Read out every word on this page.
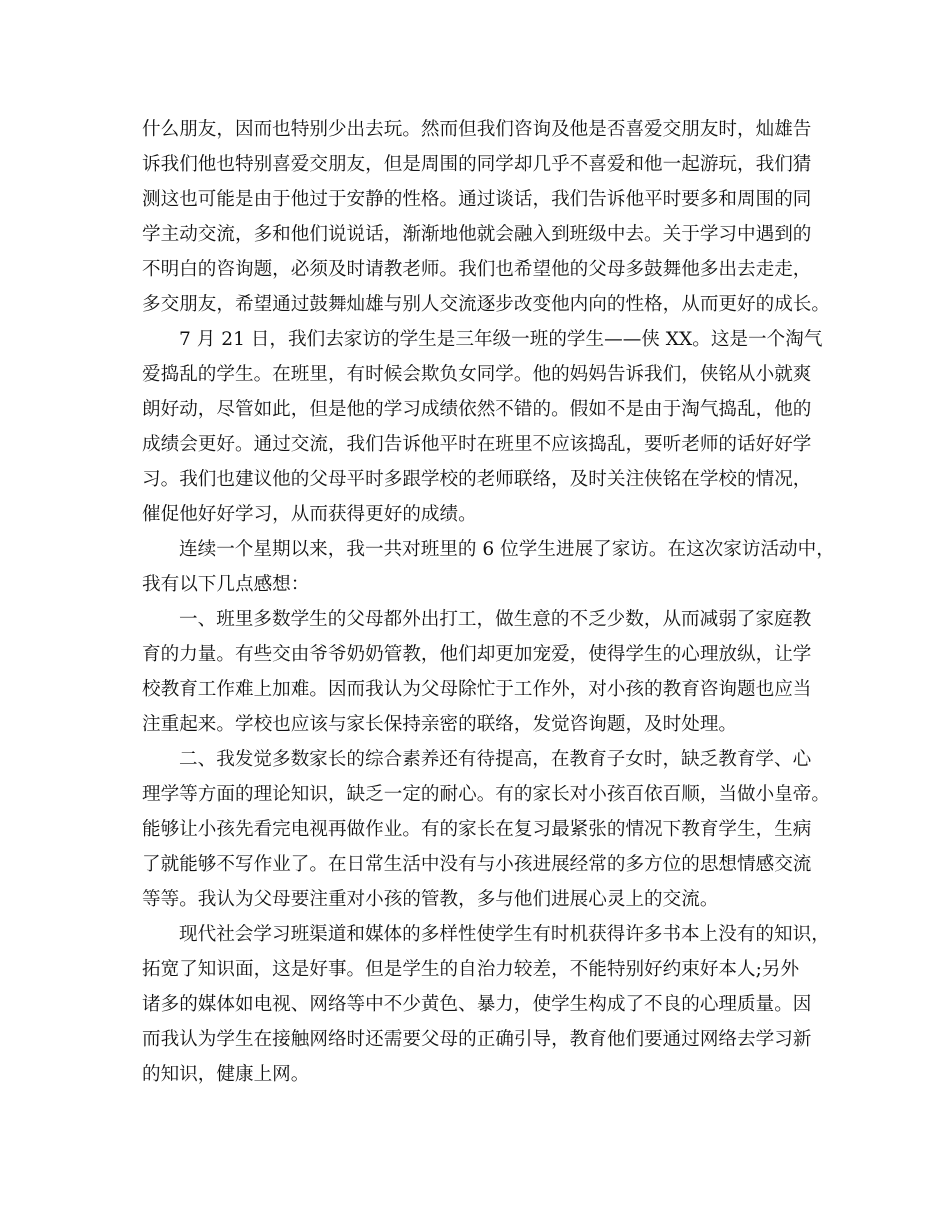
什么朋友，因而也特别少出去玩。然而但我们咨询及他是否喜爱交朋友时，灿雄告
诉我们他也特别喜爱交朋友，但是周围的同学却几乎不喜爱和他一起游玩，我们猜
测这也可能是由于他过于安静的性格。通过谈话，我们告诉他平时要多和周围的同
学主动交流，多和他们说说话，渐渐地他就会融入到班级中去。关于学习中遇到的
不明白的咨询题，必须及时请教老师。我们也希望他的父母多鼓舞他多出去走走，
多交朋友，希望通过鼓舞灿雄与别人交流逐步改变他内向的性格，从而更好的成长。
7 月 21 日，我们去家访的学生是三年级一班的学生——侠 XX。这是一个淘气
爱捣乱的学生。在班里，有时候会欺负女同学。他的妈妈告诉我们，侠铭从小就爽
朗好动，尽管如此，但是他的学习成绩依然不错的。假如不是由于淘气捣乱，他的
成绩会更好。通过交流，我们告诉他平时在班里不应该捣乱，要听老师的话好好学
习。我们也建议他的父母平时多跟学校的老师联络，及时关注侠铭在学校的情况，
催促他好好学习，从而获得更好的成绩。
连续一个星期以来，我一共对班里的 6 位学生进展了家访。在这次家访活动中，
我有以下几点感想：
一、班里多数学生的父母都外出打工，做生意的不乏少数，从而减弱了家庭教
育的力量。有些交由爷爷奶奶管教，他们却更加宠爱，使得学生的心理放纵，让学
校教育工作难上加难。因而我认为父母除忙于工作外，对小孩的教育咨询题也应当
注重起来。学校也应该与家长保持亲密的联络，发觉咨询题，及时处理。
二、我发觉多数家长的综合素养还有待提高，在教育子女时，缺乏教育学、心
理学等方面的理论知识，缺乏一定的耐心。有的家长对小孩百依百顺，当做小皇帝。
能够让小孩先看完电视再做作业。有的家长在复习最紧张的情况下教育学生，生病
了就能够不写作业了。在日常生活中没有与小孩进展经常的多方位的思想情感交流
等等。我认为父母要注重对小孩的管教，多与他们进展心灵上的交流。
现代社会学习班渠道和媒体的多样性使学生有时机获得许多书本上没有的知识，
拓宽了知识面，这是好事。但是学生的自治力较差，不能特别好约束好本人;另外
诸多的媒体如电视、网络等中不少黄色、暴力，使学生构成了不良的心理质量。因
而我认为学生在接触网络时还需要父母的正确引导，教育他们要通过网络去学习新
的知识，健康上网。
